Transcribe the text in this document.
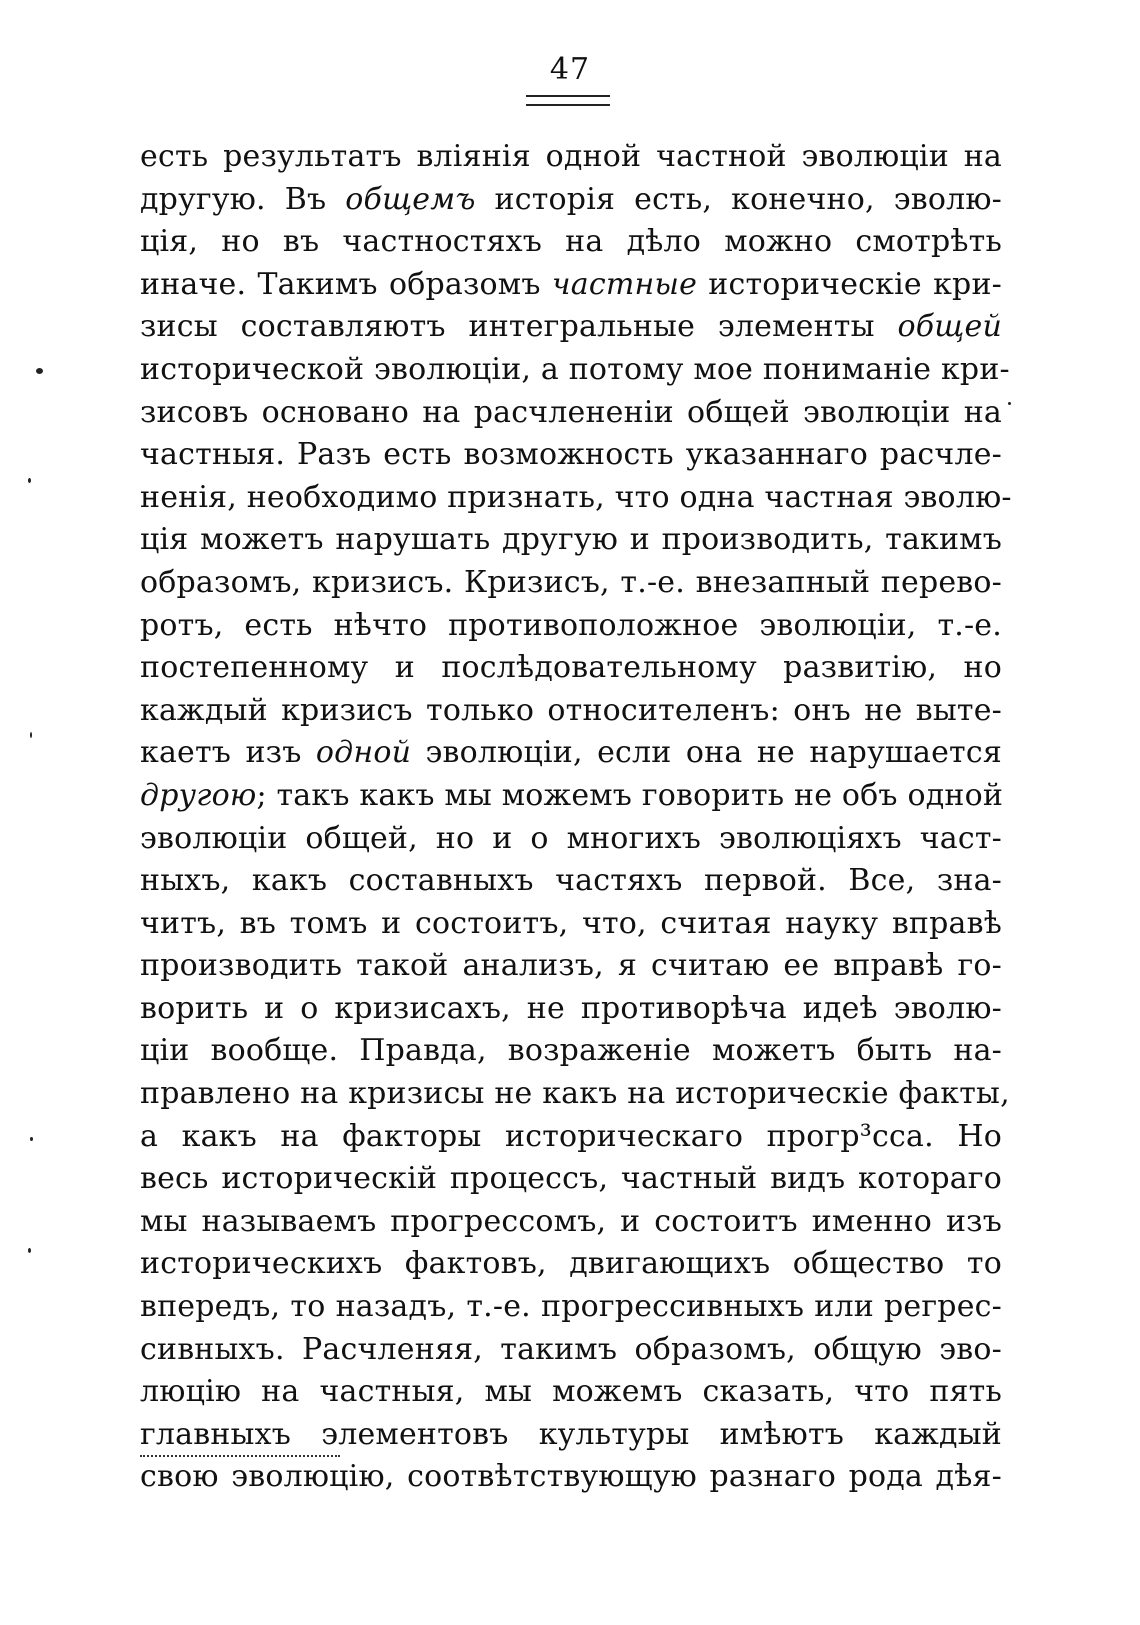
47
есть результатъ вліянія одной частной эволюціи на
другую. Въ общемъ исторія есть, конечно, эволю-
ція, но въ частностяхъ на дѣло можно смотрѣть
иначе. Такимъ образомъ частные историческіе кри-
зисы составляютъ интегральные элементы общей
исторической эволюціи, а потому мое пониманіе кри-
зисовъ основано на расчлененіи общей эволюціи на
частныя. Разъ есть возможность указаннаго расчле-
ненія, необходимо признать, что одна частная эволю-
ція можетъ нарушать другую и производить, такимъ
образомъ, кризисъ. Кризисъ, т.-е. внезапный перево-
ротъ, есть нѣчто противоположное эволюціи, т.-е.
постепенному и послѣдовательному развитію, но
каждый кризисъ только относителенъ: онъ не выте-
каетъ изъ одной эволюціи, если она не нарушается
другою; такъ какъ мы можемъ говорить не объ одной
эволюціи общей, но и о многихъ эволюціяхъ част-
ныхъ, какъ составныхъ частяхъ первой. Все, зна-
читъ, въ томъ и состоитъ, что, считая науку вправѣ
производить такой анализъ, я считаю ее вправѣ го-
ворить и о кризисахъ, не противорѣча идеѣ эволю-
ціи вообще. Правда, возраженіе можетъ быть на-
правлено на кризисы не какъ на историческіе факты,
а какъ на факторы историческаго прогр³сса. Но
весь историческій процессъ, частный видъ котораго
мы называемъ прогрессомъ, и состоитъ именно изъ
историческихъ фактовъ, двигающихъ общество то
впередъ, то назадъ, т.-е. прогрессивныхъ или регрес-
сивныхъ. Расчленяя, такимъ образомъ, общую эво-
люцію на частныя, мы можемъ сказать, что пять
главныхъ элементовъ культуры имѣютъ каждый
свою эволюцію, соотвѣтствующую разнаго рода дѣя-
